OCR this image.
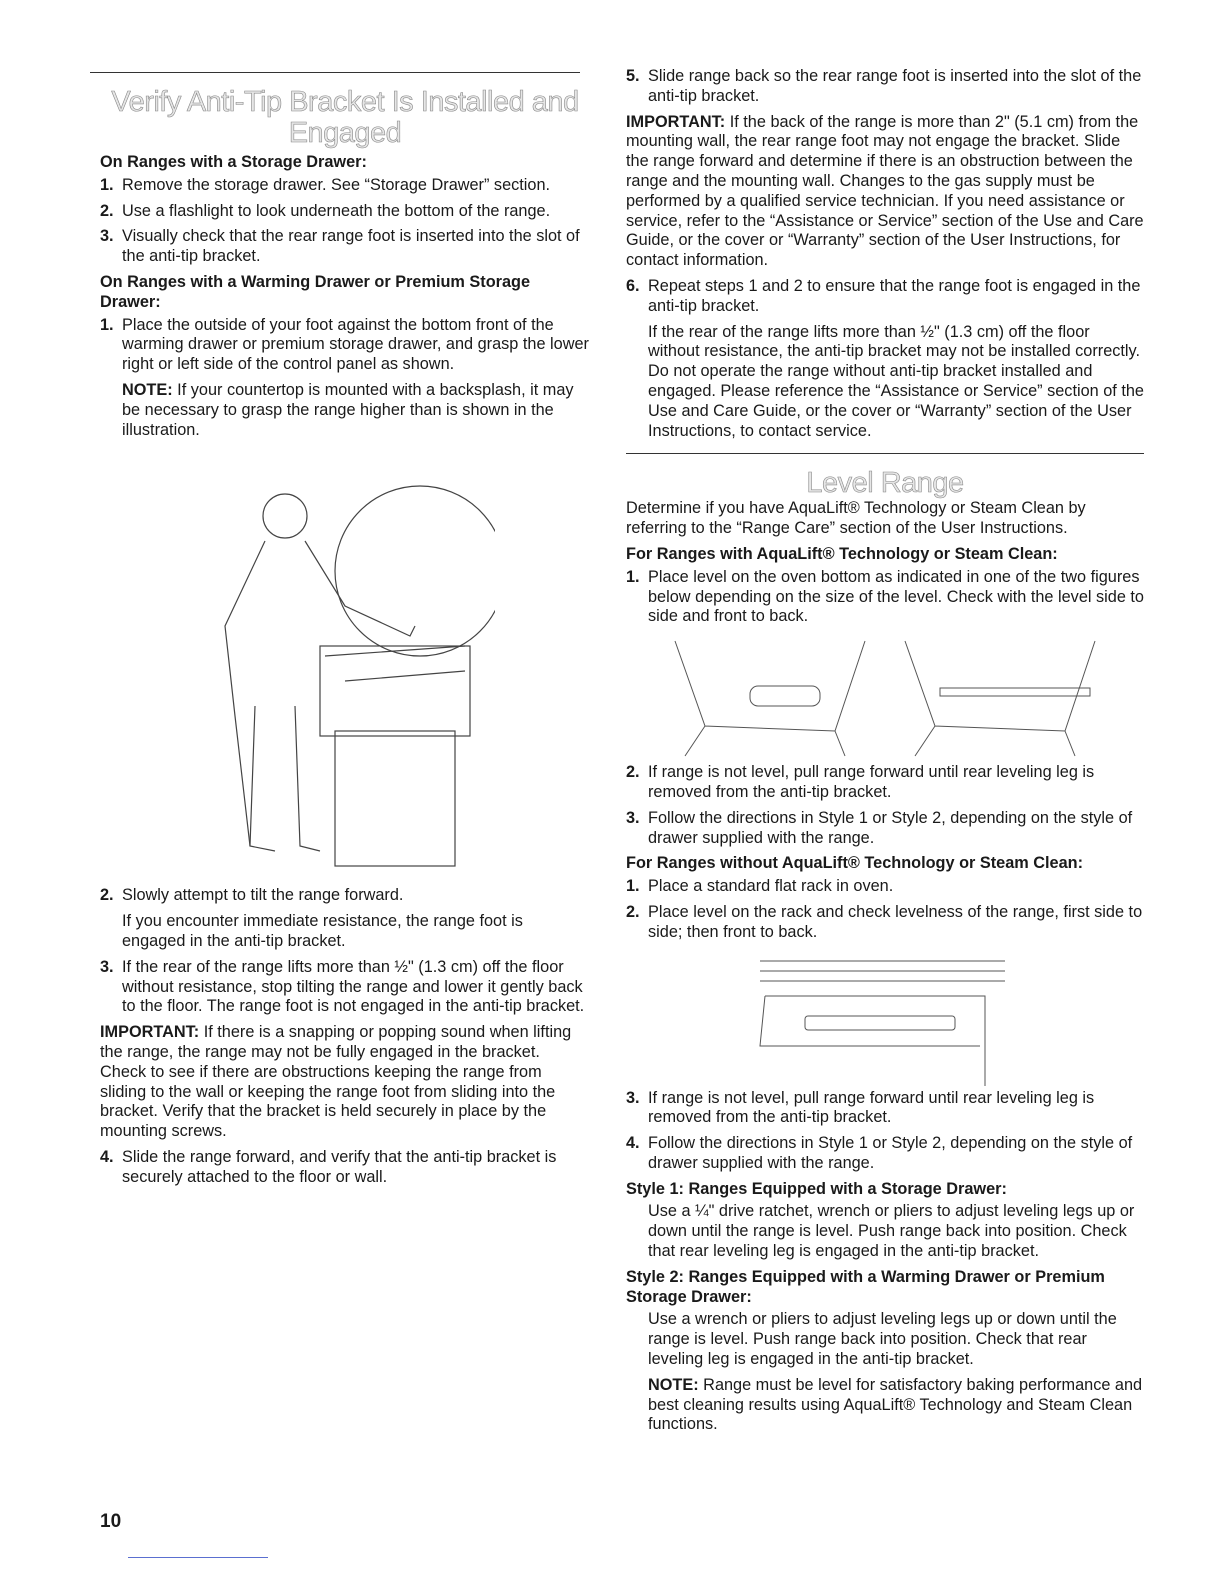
Verify Anti-Tip Bracket Is Installed and Engaged
On Ranges with a Storage Drawer:
1. Remove the storage drawer. See “Storage Drawer” section.

2. Use a flashlight to look underneath the bottom of the range.

3. Visually check that the rear range foot is inserted into the slot of the anti-tip bracket.

On Ranges with a Warming Drawer or Premium Storage Drawer:
1. Place the outside of your foot against the bottom front of the warming drawer or premium storage drawer, and grasp the lower right or left side of the control panel as shown.

NOTE: If your countertop is mounted with a backsplash, it may be necessary to grasp the range higher than is shown in the illustration.

2. Slowly attempt to tilt the range forward.

If you encounter immediate resistance, the range foot is engaged in the anti-tip bracket.

3. If the rear of the range lifts more than ½" (1.3 cm) off the floor without resistance, stop tilting the range and lower it gently back to the floor. The range foot is not engaged in the anti-tip bracket.

IMPORTANT: If there is a snapping or popping sound when lifting the range, the range may not be fully engaged in the bracket. Check to see if there are obstructions keeping the range from sliding to the wall or keeping the range foot from sliding into the bracket. Verify that the bracket is held securely in place by the mounting screws.

4. Slide the range forward, and verify that the anti-tip bracket is securely attached to the floor or wall.

5. Slide range back so the rear range foot is inserted into the slot of the anti-tip bracket.

IMPORTANT: If the back of the range is more than 2" (5.1 cm) from the mounting wall, the rear range foot may not engage the bracket. Slide the range forward and determine if there is an obstruction between the range and the mounting wall. Changes to the gas supply must be performed by a qualified service technician. If you need assistance or service, refer to the “Assistance or Service” section of the Use and Care Guide, or the cover or “Warranty” section of the User Instructions, for contact information.

6. Repeat steps 1 and 2 to ensure that the range foot is engaged in the anti-tip bracket.

If the rear of the range lifts more than ½" (1.3 cm) off the floor without resistance, the anti-tip bracket may not be installed correctly. Do not operate the range without anti-tip bracket installed and engaged. Please reference the “Assistance or Service” section of the Use and Care Guide, or the cover or “Warranty” section of the User Instructions, to contact service.

Level Range

Determine if you have AquaLift® Technology or Steam Clean by referring to the “Range Care” section of the User Instructions.

For Ranges with AquaLift® Technology or Steam Clean:
1. Place level on the oven bottom as indicated in one of the two figures below depending on the size of the level. Check with the level side to side and front to back.

2. If range is not level, pull range forward until rear leveling leg is removed from the anti-tip bracket.

3. Follow the directions in Style 1 or Style 2, depending on the style of drawer supplied with the range.

For Ranges without AquaLift® Technology or Steam Clean:
1. Place a standard flat rack in oven.

2. Place level on the rack and check levelness of the range, first side to side; then front to back.

3. If range is not level, pull range forward until rear leveling leg is removed from the anti-tip bracket.

4. Follow the directions in Style 1 or Style 2, depending on the style of drawer supplied with the range.

Style 1: Ranges Equipped with a Storage Drawer:

Use a ¼" drive ratchet, wrench or pliers to adjust leveling legs up or down until the range is level. Push range back into position. Check that rear leveling leg is engaged in the anti-tip bracket.

Style 2: Ranges Equipped with a Warming Drawer or Premium Storage Drawer:

Use a wrench or pliers to adjust leveling legs up or down until the range is level. Push range back into position. Check that rear leveling leg is engaged in the anti-tip bracket.

NOTE: Range must be level for satisfactory baking performance and best cleaning results using AquaLift® Technology and Steam Clean functions.

10
